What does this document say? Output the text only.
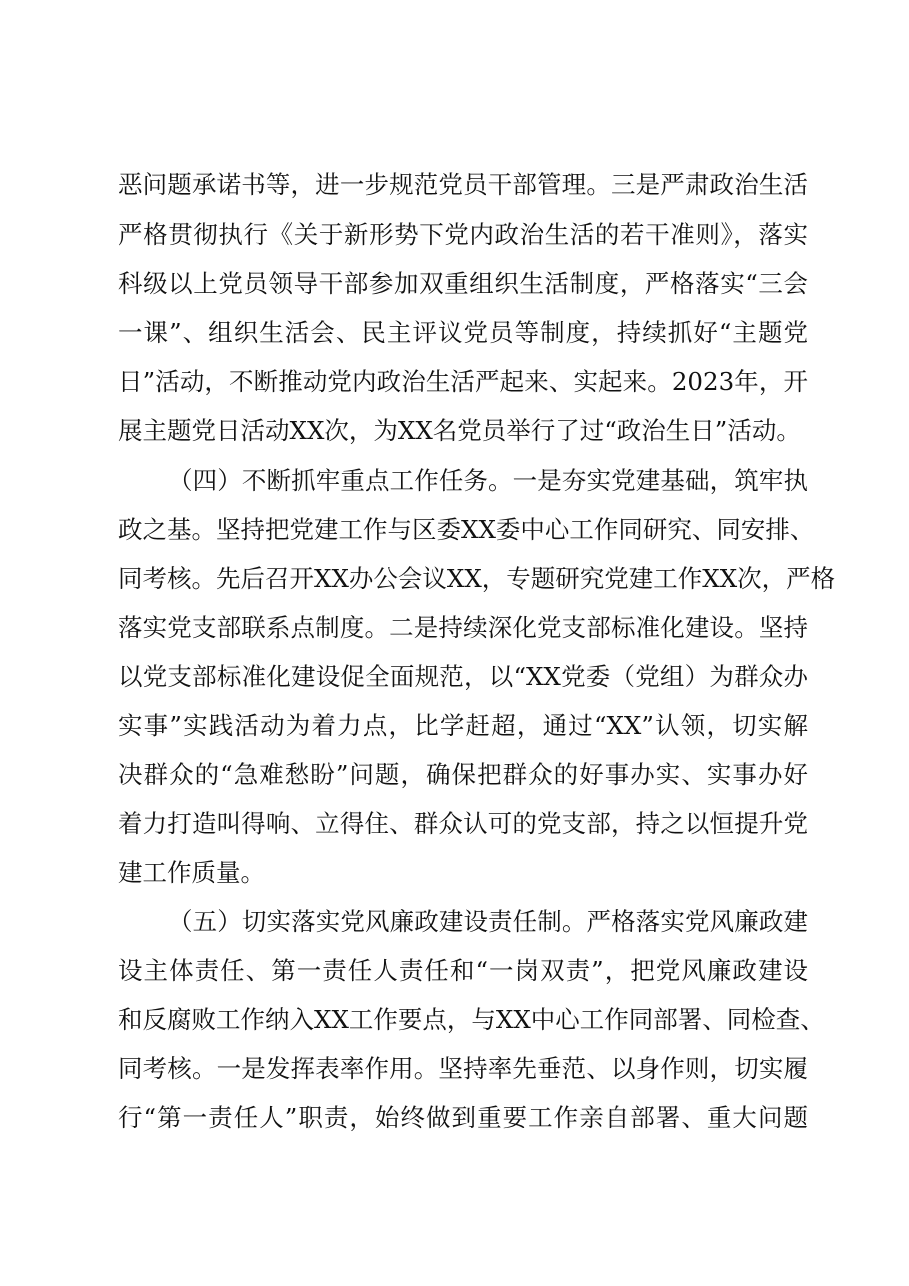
恶问题承诺书等，进一步规范党员干部管理。三是严肃政治生活
严格贯彻执行《关于新形势下党内政治生活的若干准则》，落实
科级以上党员领导干部参加双重组织生活制度，严格落实“三会
一课”、组织生活会、民主评议党员等制度，持续抓好“主题党
日”活动，不断推动党内政治生活严起来、实起来。2023年，开
展主题党日活动XX次，为XX名党员举行了过“政治生日”活动。
（四）不断抓牢重点工作任务。一是夯实党建基础，筑牢执
政之基。坚持把党建工作与区委XX委中心工作同研究、同安排、
同考核。先后召开XX办公会议XX，专题研究党建工作XX次，严格
落实党支部联系点制度。二是持续深化党支部标准化建设。坚持
以党支部标准化建设促全面规范，以“XX党委（党组）为群众办
实事”实践活动为着力点，比学赶超，通过“XX”认领，切实解
决群众的“急难愁盼”问题，确保把群众的好事办实、实事办好
着力打造叫得响、立得住、群众认可的党支部，持之以恒提升党
建工作质量。
（五）切实落实党风廉政建设责任制。严格落实党风廉政建
设主体责任、第一责任人责任和“一岗双责”，把党风廉政建设
和反腐败工作纳入XX工作要点，与XX中心工作同部署、同检查、
同考核。一是发挥表率作用。坚持率先垂范、以身作则，切实履
行“第一责任人”职责，始终做到重要工作亲自部署、重大问题
